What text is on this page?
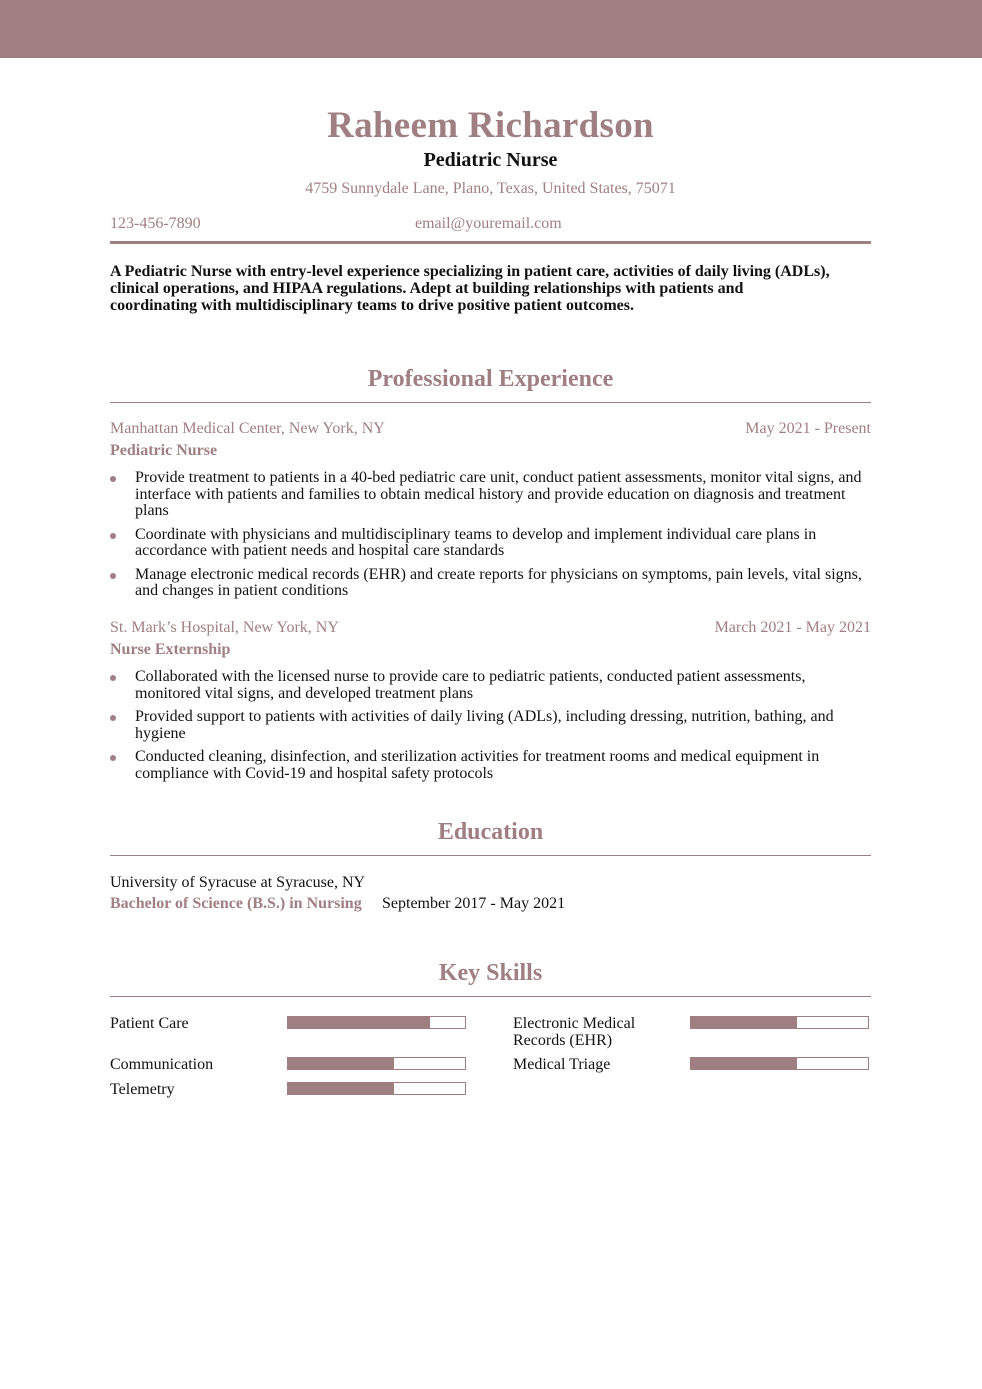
Raheem Richardson
Pediatric Nurse
4759 Sunnydale Lane, Plano, Texas, United States, 75071
123-456-7890	email@youremail.com
A Pediatric Nurse with entry-level experience specializing in patient care, activities of daily living (ADLs),
clinical operations, and HIPAA regulations. Adept at building relationships with patients and
coordinating with multidisciplinary teams to drive positive patient outcomes.
Professional Experience
Manhattan Medical Center, New York, NY	May 2021 - Present
Pediatric Nurse
Provide treatment to patients in a 40-bed pediatric care unit, conduct patient assessments, monitor vital signs, and interface with patients and families to obtain medical history and provide education on diagnosis and treatment plans
Coordinate with physicians and multidisciplinary teams to develop and implement individual care plans in accordance with patient needs and hospital care standards
Manage electronic medical records (EHR) and create reports for physicians on symptoms, pain levels, vital signs, and changes in patient conditions
St. Mark’s Hospital, New York, NY	March 2021 - May 2021
Nurse Externship
Collaborated with the licensed nurse to provide care to pediatric patients, conducted patient assessments, monitored vital signs, and developed treatment plans
Provided support to patients with activities of daily living (ADLs), including dressing, nutrition, bathing, and hygiene
Conducted cleaning, disinfection, and sterilization activities for treatment rooms and medical equipment in compliance with Covid-19 and hospital safety protocols
Education
University of Syracuse at Syracuse, NY
Bachelor of Science (B.S.) in Nursing September 2017 - May 2021
Key Skills
Patient Care	Electronic Medical Records (EHR)
Communication	Medical Triage
Telemetry
